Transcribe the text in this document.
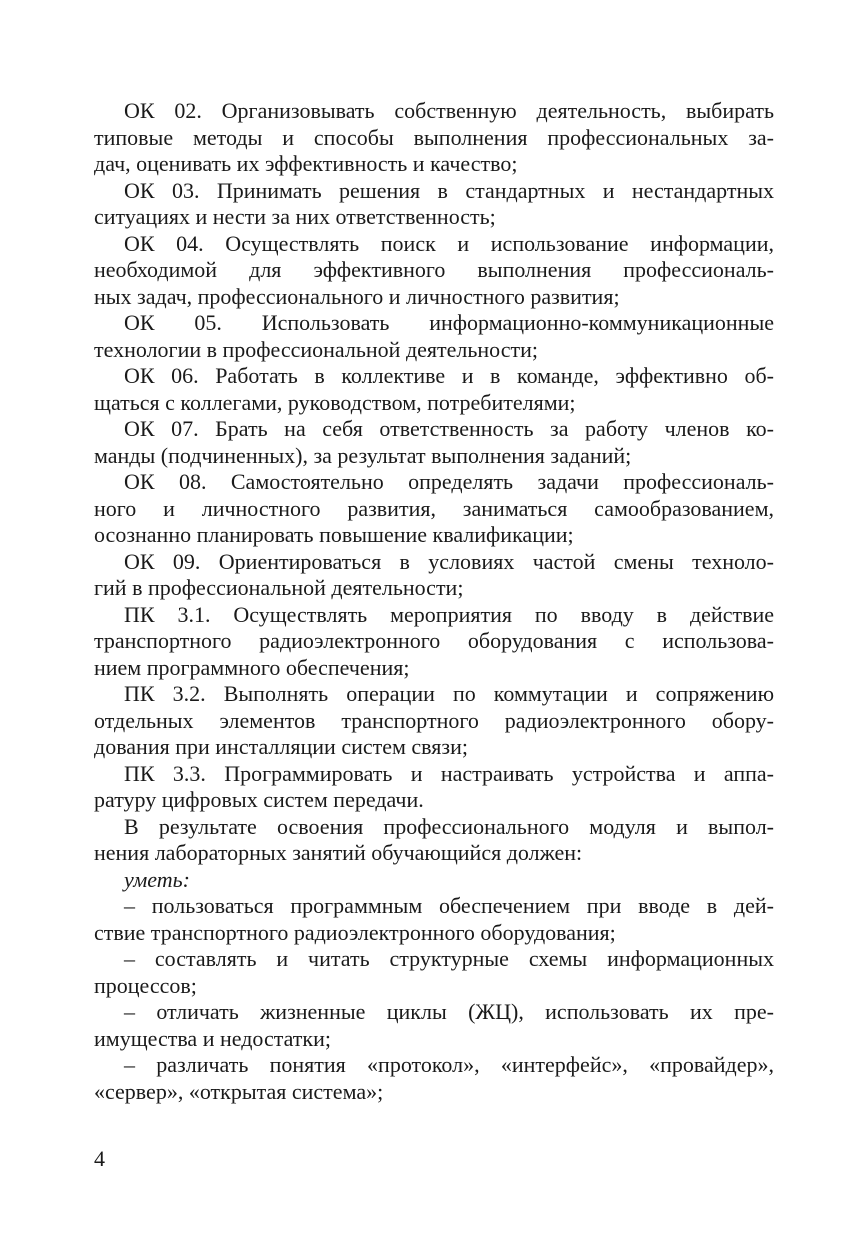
ОК 02. Организовывать собственную деятельность, выбирать
типовые методы и способы выполнения профессиональных за-
дач, оценивать их эффективность и качество;
ОК 03. Принимать решения в стандартных и нестандартных
ситуациях и нести за них ответственность;
ОК 04. Осуществлять поиск и использование информации,
необходимой для эффективного выполнения профессиональ-
ных задач, профессионального и личностного развития;
ОК 05. Использовать информационно-коммуникационные
технологии в профессиональной деятельности;
ОК 06. Работать в коллективе и в команде, эффективно об-
щаться с коллегами, руководством, потребителями;
ОК 07. Брать на себя ответственность за работу членов ко-
манды (подчиненных), за результат выполнения заданий;
ОК 08. Самостоятельно определять задачи профессиональ-
ного и личностного развития, заниматься самообразованием,
осознанно планировать повышение квалификации;
ОК 09. Ориентироваться в условиях частой смены техноло-
гий в профессиональной деятельности;
ПК 3.1. Осуществлять мероприятия по вводу в действие
транспортного радиоэлектронного оборудования с использова-
нием программного обеспечения;
ПК 3.2. Выполнять операции по коммутации и сопряжению
отдельных элементов транспортного радиоэлектронного обору-
дования при инсталляции систем связи;
ПК 3.3. Программировать и настраивать устройства и аппа-
ратуру цифровых систем передачи.
В результате освоения профессионального модуля и выпол-
нения лабораторных занятий обучающийся должен:
уметь:
– пользоваться программным обеспечением при вводе в дей-
ствие транспортного радиоэлектронного оборудования;
– составлять и читать структурные схемы информационных
процессов;
– отличать жизненные циклы (ЖЦ), использовать их пре-
имущества и недостатки;
– различать понятия «протокол», «интерфейс», «провайдер»,
«сервер», «открытая система»;
4
